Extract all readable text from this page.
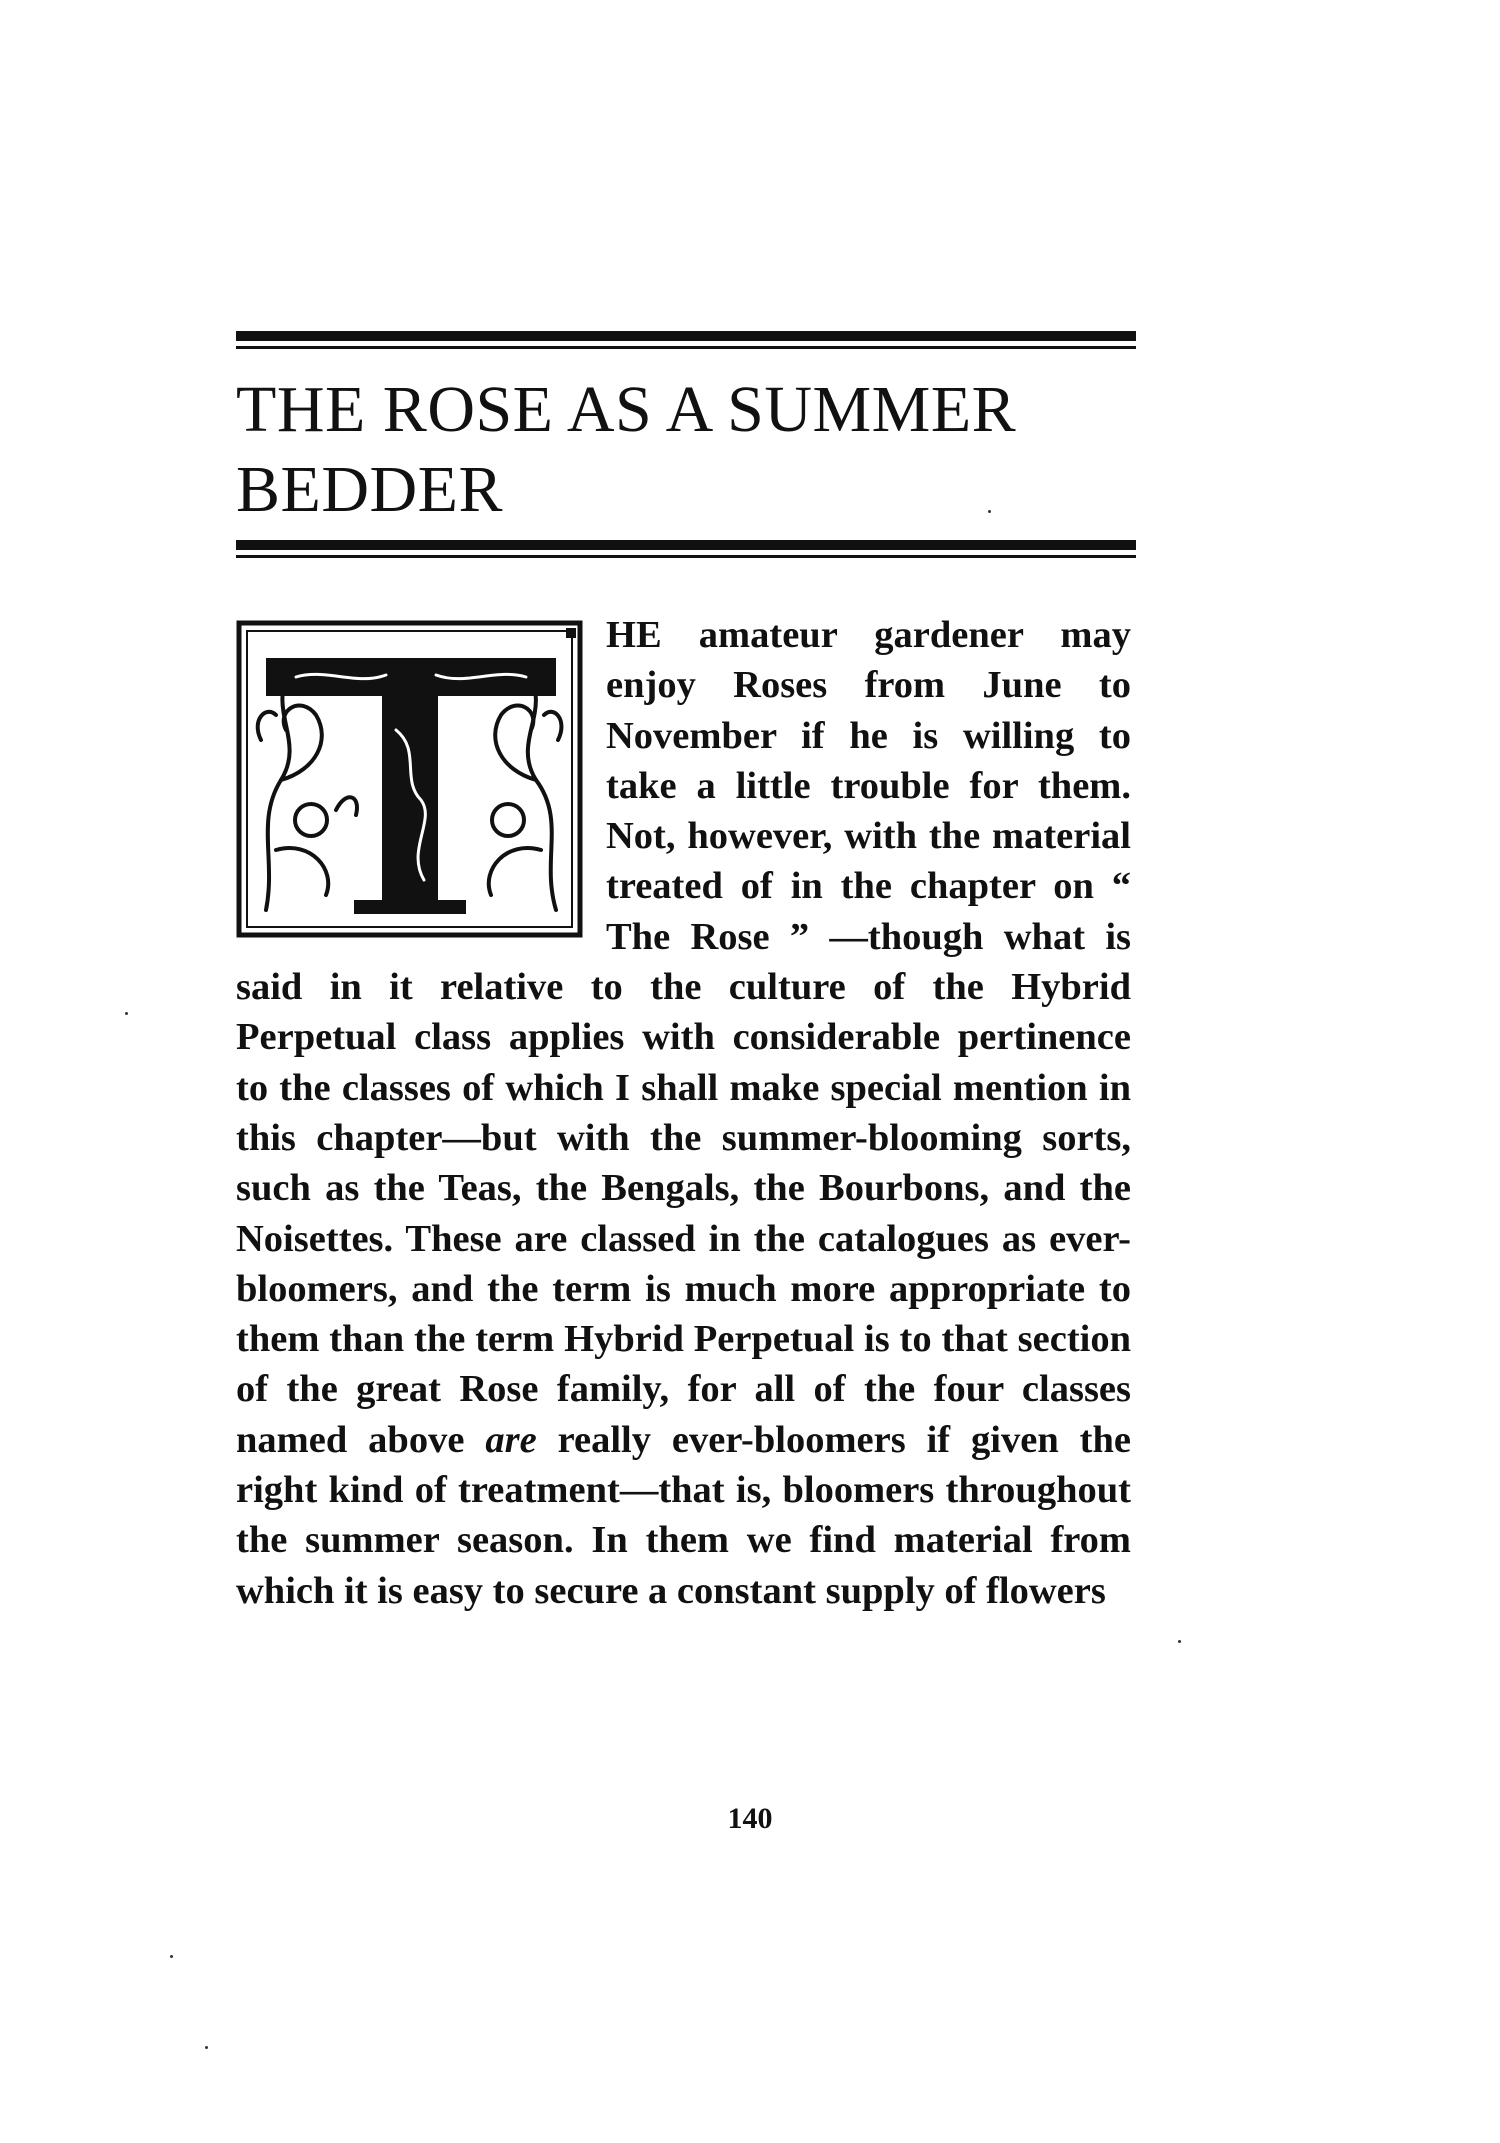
THE ROSE AS A SUMMER
BEDDER

HE amateur gardener may enjoy Roses from June to November if he is willing to take a little trouble for them. Not, however, with the material treated of in the chapter on “ The Rose ” —though what is said in it relative to the culture of the Hybrid Perpetual class applies with considerable pertinence to the classes of which I shall make special mention in this chapter—but with the summer-blooming sorts, such as the Teas, the Bengals, the Bourbons, and the Noisettes. These are classed in the catalogues as ever-bloomers, and the term is much more appropriate to them than the term Hybrid Perpetual is to that section of the great Rose family, for all of the four classes named above are really ever-bloomers if given the right kind of treatment—that is, bloomers throughout the summer season. In them we find material from which it is easy to secure a constant supply of flowers

140
